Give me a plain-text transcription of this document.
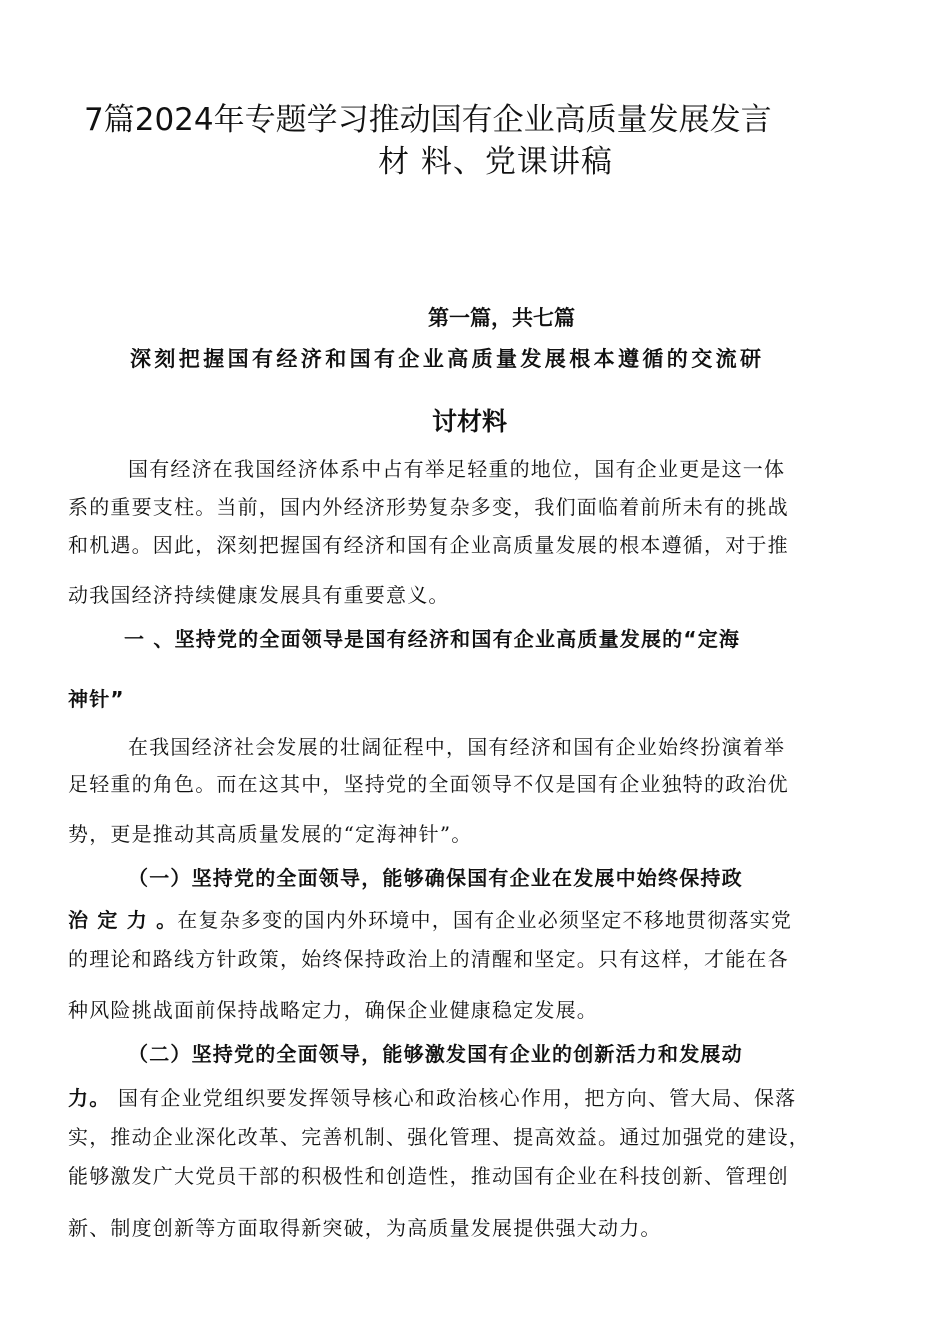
7篇2024年专题学习推动国有企业高质量发展发言
材 料、党课讲稿
第一篇，共七篇
深刻把握国有经济和国有企业高质量发展根本遵循的交流研
讨材料
国有经济在我国经济体系中占有举足轻重的地位，国有企业更是这一体
系的重要支柱。当前，国内外经济形势复杂多变，我们面临着前所未有的挑战
和机遇。因此，深刻把握国有经济和国有企业高质量发展的根本遵循，对于推
动我国经济持续健康发展具有重要意义。
一 、坚持党的全面领导是国有经济和国有企业高质量发展的“定海
神针”
在我国经济社会发展的壮阔征程中，国有经济和国有企业始终扮演着举
足轻重的角色。而在这其中，坚持党的全面领导不仅是国有企业独特的政治优
势，更是推动其高质量发展的“定海神针”。
（一）坚持党的全面领导，能够确保国有企业在发展中始终保持政
治 定 力 。在复杂多变的国内外环境中，国有企业必须坚定不移地贯彻落实党
的理论和路线方针政策，始终保持政治上的清醒和坚定。只有这样，才能在各
种风险挑战面前保持战略定力，确保企业健康稳定发展。
（二）坚持党的全面领导，能够激发国有企业的创新活力和发展动
力。 国有企业党组织要发挥领导核心和政治核心作用，把方向、管大局、保落
实，推动企业深化改革、完善机制、强化管理、提高效益。通过加强党的建设，
能够激发广大党员干部的积极性和创造性，推动国有企业在科技创新、管理创
新、制度创新等方面取得新突破，为高质量发展提供强大动力。
